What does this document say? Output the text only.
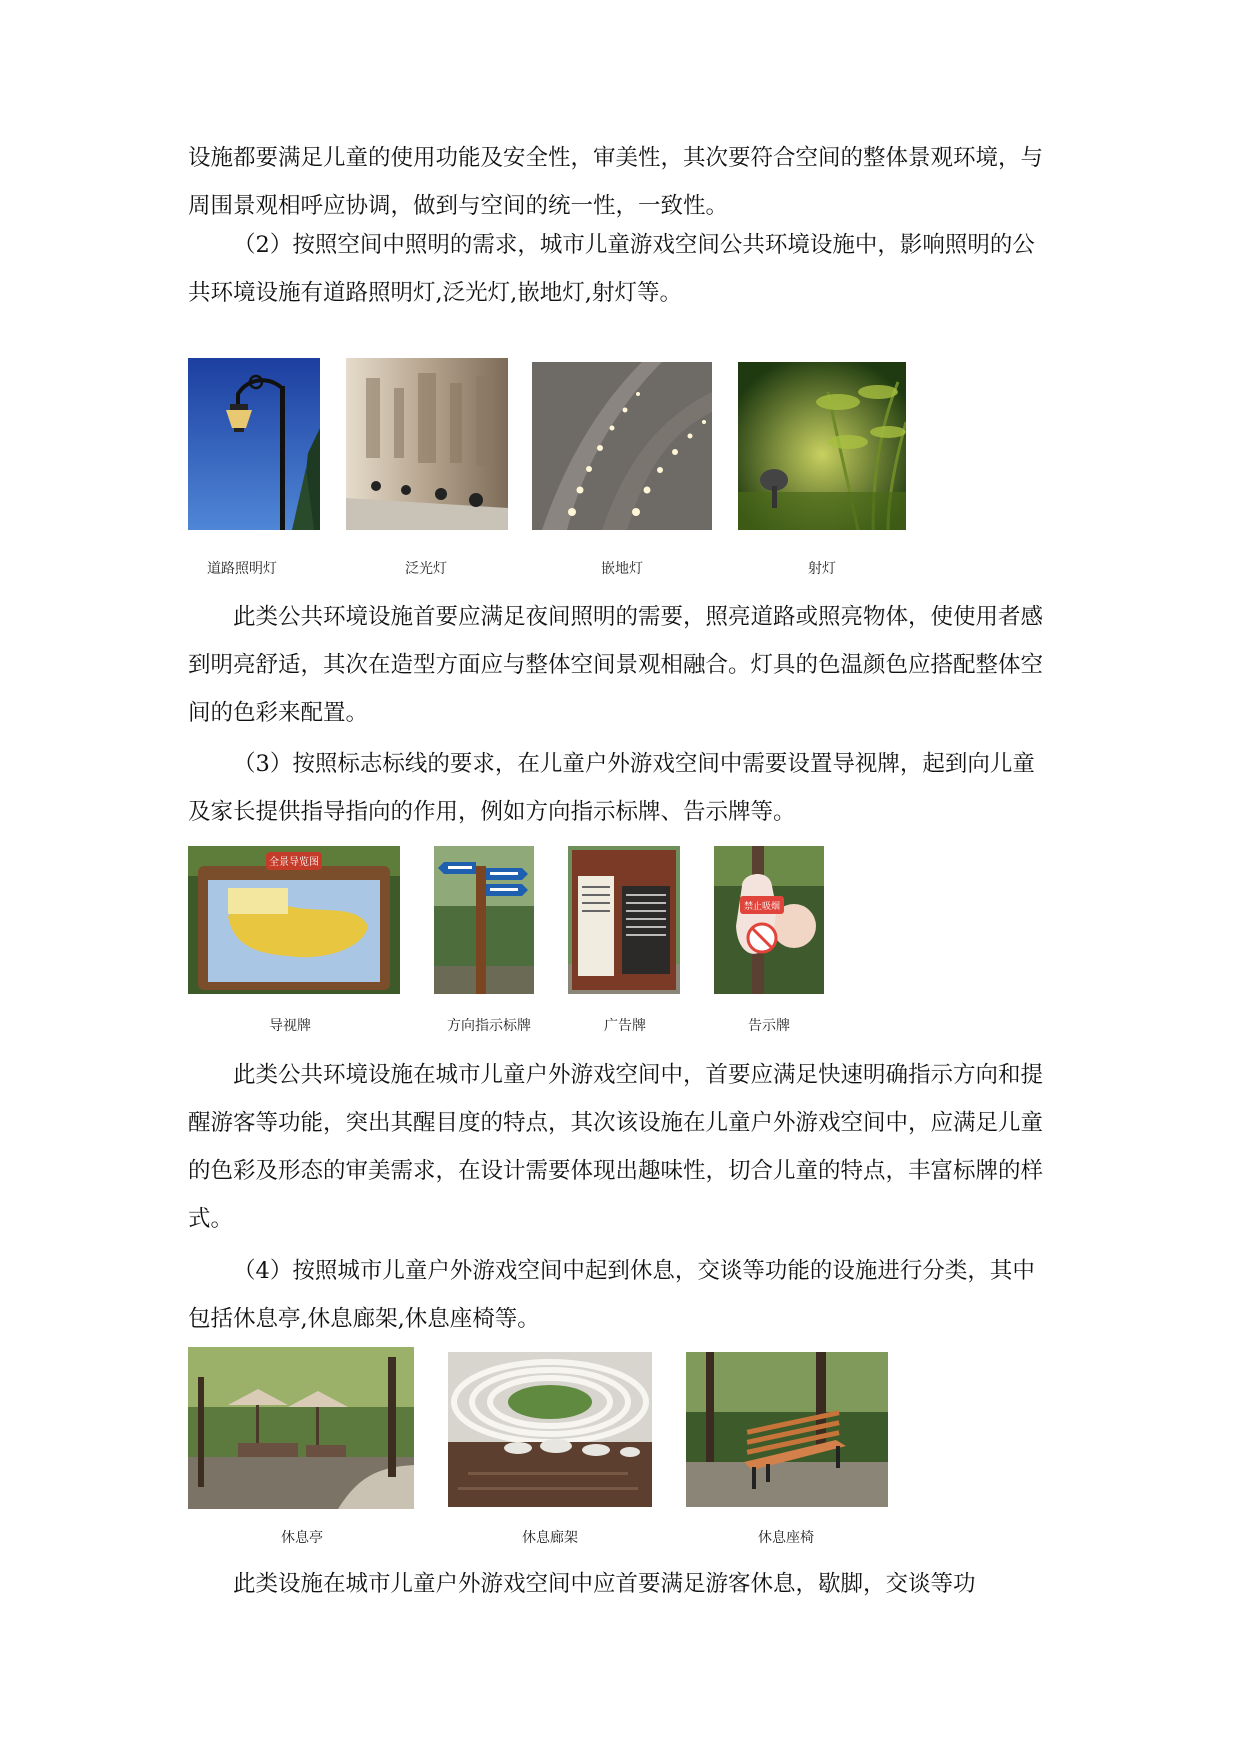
设施都要满足儿童的使用功能及安全性，审美性，其次要符合空间的整体景观环境，与周围景观相呼应协调，做到与空间的统一性，一致性。

（2）按照空间中照明的需求，城市儿童游戏空间公共环境设施中，影响照明的公共环境设施有道路照明灯,泛光灯,嵌地灯,射灯等。

道路照明灯	泛光灯	嵌地灯	射灯

此类公共环境设施首要应满足夜间照明的需要，照亮道路或照亮物体，使使用者感到明亮舒适，其次在造型方面应与整体空间景观相融合。灯具的色温颜色应搭配整体空间的色彩来配置。

（3）按照标志标线的要求，在儿童户外游戏空间中需要设置导视牌，起到向儿童及家长提供指导指向的作用，例如方向指示标牌、告示牌等。

全景导览图
禁止吸烟
导视牌	方向指示标牌	广告牌	告示牌

此类公共环境设施在城市儿童户外游戏空间中，首要应满足快速明确指示方向和提醒游客等功能，突出其醒目度的特点，其次该设施在儿童户外游戏空间中，应满足儿童的色彩及形态的审美需求，在设计需要体现出趣味性，切合儿童的特点，丰富标牌的样式。

（4）按照城市儿童户外游戏空间中起到休息，交谈等功能的设施进行分类，其中包括休息亭,休息廊架,休息座椅等。

休息亭	休息廊架	休息座椅

此类设施在城市儿童户外游戏空间中应首要满足游客休息，歇脚，交谈等功
